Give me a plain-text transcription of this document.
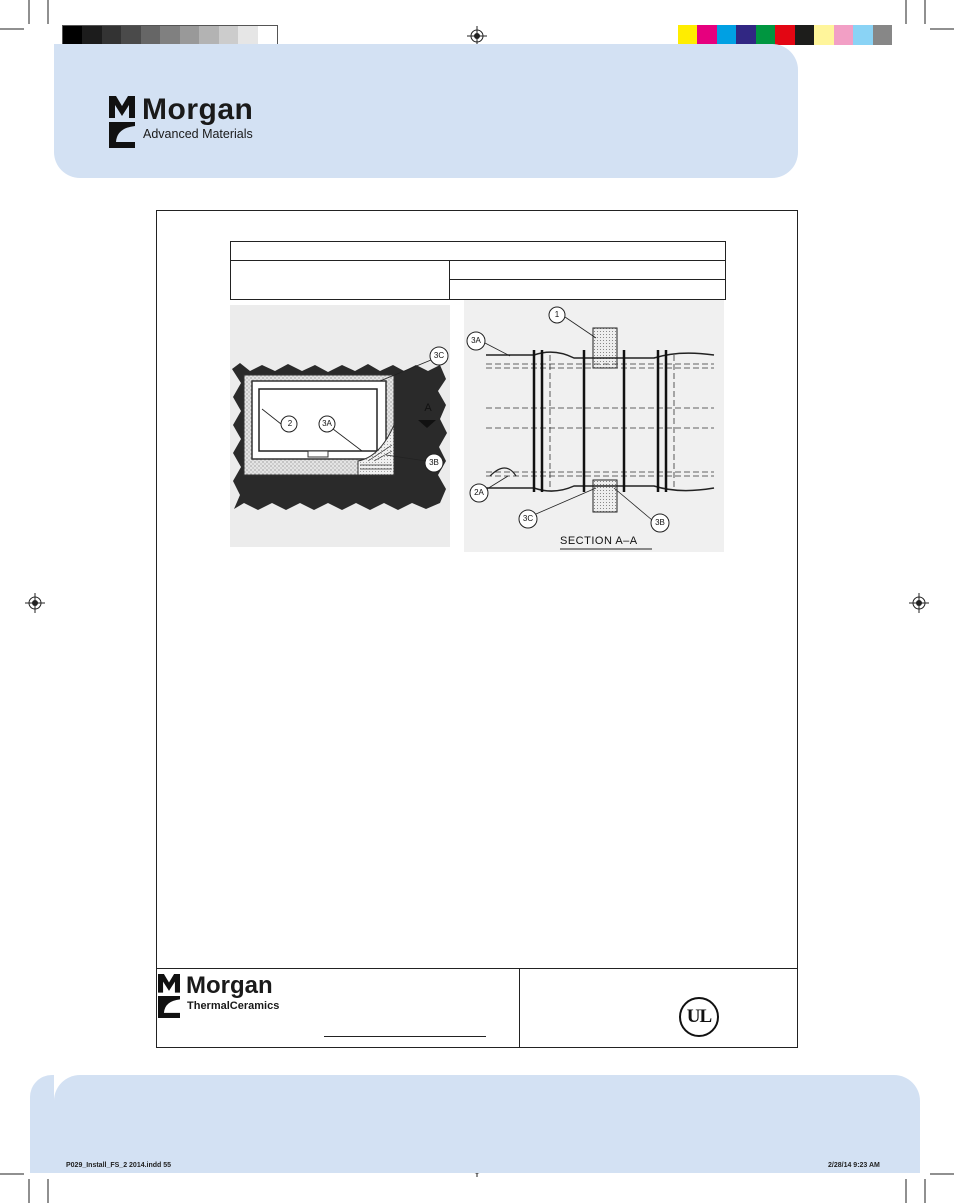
Morgan
Advanced Materials
2	3A
3C
3B
A
1
3A
2A
3C	3B
SECTION A–A
Morgan
ThermalCeramics	UL
P029_Install_FS_2 2014.indd 55	2/28/14 9:23 AM
